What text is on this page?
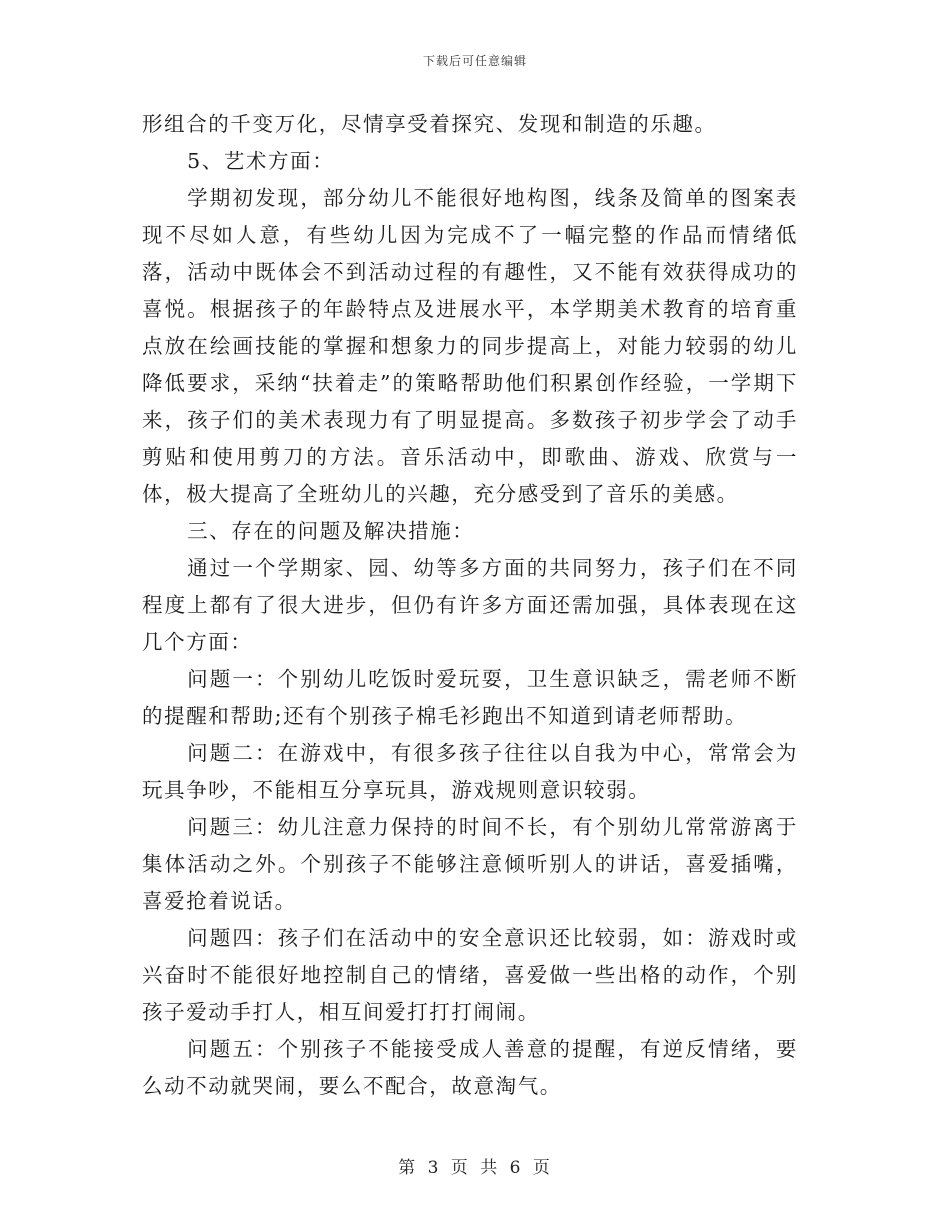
下载后可任意编辑

形组合的千变万化，尽情享受着探究、发现和制造的乐趣。

5、艺术方面：

学期初发现，部分幼儿不能很好地构图，线条及简单的图案表现不尽如人意，有些幼儿因为完成不了一幅完整的作品而情绪低落，活动中既体会不到活动过程的有趣性，又不能有效获得成功的喜悦。根据孩子的年龄特点及进展水平，本学期美术教育的培育重点放在绘画技能的掌握和想象力的同步提高上，对能力较弱的幼儿降低要求，采纳“扶着走”的策略帮助他们积累创作经验，一学期下来，孩子们的美术表现力有了明显提高。多数孩子初步学会了动手剪贴和使用剪刀的方法。音乐活动中，即歌曲、游戏、欣赏与一体，极大提高了全班幼儿的兴趣，充分感受到了音乐的美感。

三、存在的问题及解决措施：

通过一个学期家、园、幼等多方面的共同努力，孩子们在不同程度上都有了很大进步，但仍有许多方面还需加强，具体表现在这几个方面：

问题一：个别幼儿吃饭时爱玩耍，卫生意识缺乏，需老师不断的提醒和帮助;还有个别孩子棉毛衫跑出不知道到请老师帮助。

问题二：在游戏中，有很多孩子往往以自我为中心，常常会为玩具争吵，不能相互分享玩具，游戏规则意识较弱。

问题三：幼儿注意力保持的时间不长，有个别幼儿常常游离于集体活动之外。个别孩子不能够注意倾听别人的讲话，喜爱插嘴，喜爱抢着说话。

问题四：孩子们在活动中的安全意识还比较弱，如：游戏时或兴奋时不能很好地控制自己的情绪，喜爱做一些出格的动作，个别孩子爱动手打人，相互间爱打打打闹闹。

问题五：个别孩子不能接受成人善意的提醒，有逆反情绪，要么动不动就哭闹，要么不配合，故意淘气。

第 3 页 共 6 页
